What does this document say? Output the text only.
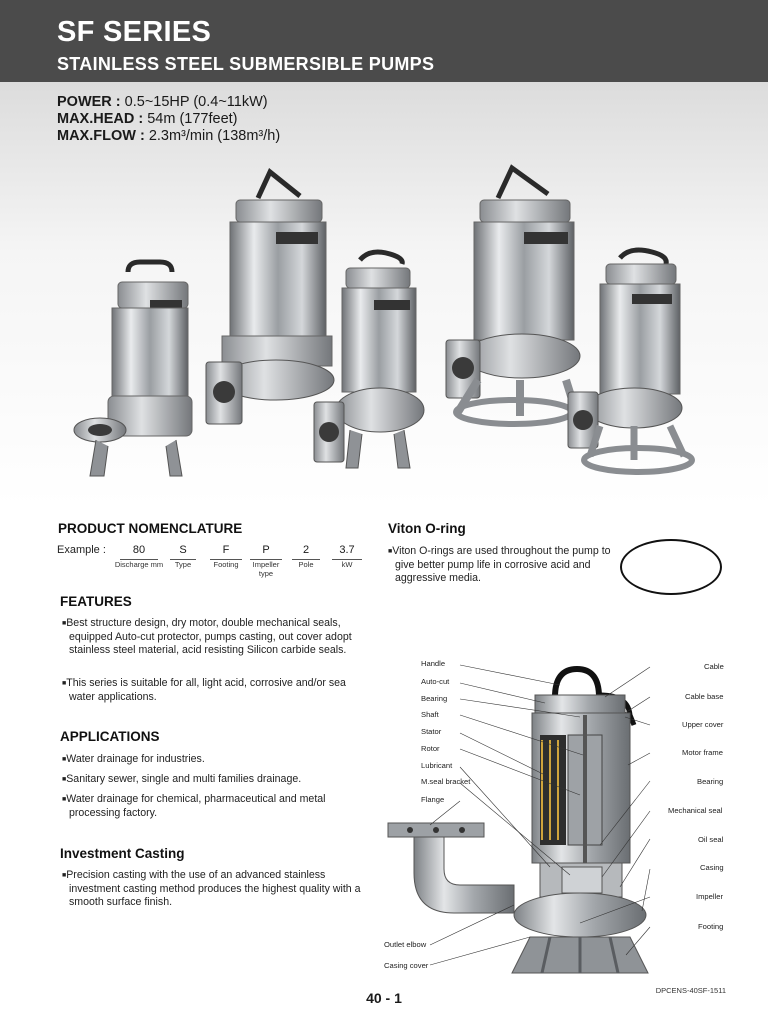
SF SERIES
STAINLESS STEEL SUBMERSIBLE PUMPS
POWER : 0.5~15HP (0.4~11kW)
MAX.HEAD : 54m (177feet)
MAX.FLOW : 2.3m³/min (138m³/h)
PRODUCT NOMENCLATURE
Example :	80
Discharge mm
S
Type
F
Footing
P
Impeller type
2
Pole
3.7
kW
Viton O-ring
■ Viton O-rings are used throughout the pump to give better pump life in corrosive acid and aggressive media.
FEATURES
■ Best structure design, dry motor, double mechanical seals, equipped Auto-cut protector, pumps casting, out cover adopt stainless steel material, acid resisting Silicon carbide seals.
■ This series is suitable for all, light acid, corrosive and/or sea water applications.
APPLICATIONS
■ Water drainage for industries.
■ Sanitary sewer, single and multi families drainage.
■ Water drainage for chemical, pharmaceutical and metal processing factory.
Investment Casting
■ Precision casting with the use of an advanced stainless investment casting method produces the highest quality with a smooth surface finish.
Handle
Auto-cut
Bearing
Shaft
Stator
Rotor
Lubricant
M.seal bracket
Flange
Outlet elbow
Casing cover
Cable
Cable base
Upper cover
Motor frame
Bearing
Mechanical seal
Oil seal
Casing
Impeller
Footing
DPCENS-40SF-1511
40 - 1
